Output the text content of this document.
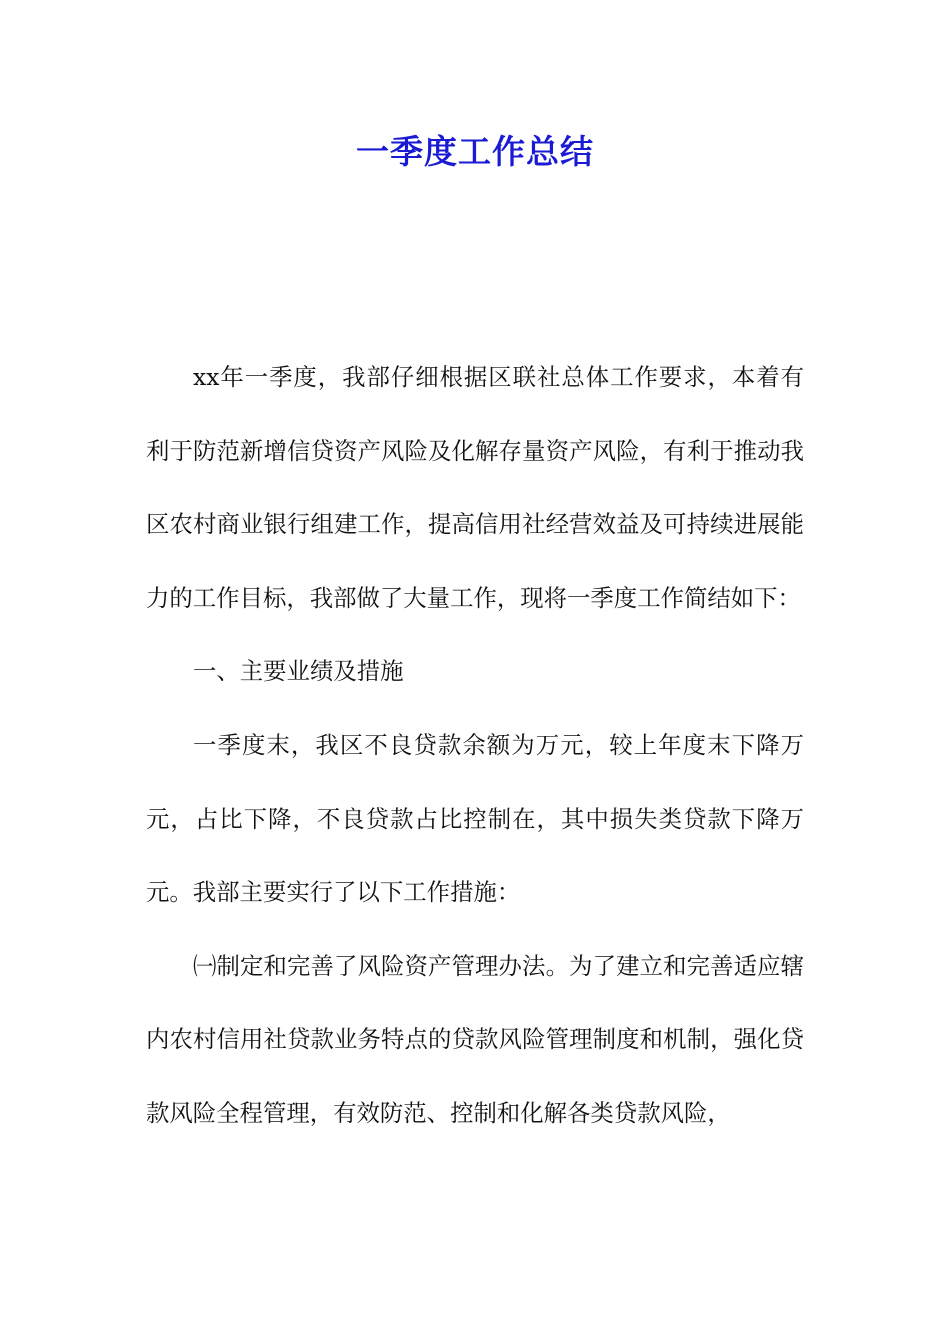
一季度工作总结

xx年一季度，我部仔细根据区联社总体工作要求，本着有利于防范新增信贷资产风险及化解存量资产风险，有利于推动我区农村商业银行组建工作，提高信用社经营效益及可持续进展能力的工作目标，我部做了大量工作，现将一季度工作简结如下：

一、主要业绩及措施

一季度末，我区不良贷款余额为万元，较上年度末下降万元，占比下降，不良贷款占比控制在，其中损失类贷款下降万元。我部主要实行了以下工作措施：

㈠制定和完善了风险资产管理办法。为了建立和完善适应辖内农村信用社贷款业务特点的贷款风险管理制度和机制，强化贷款风险全程管理，有效防范、控制和化解各类贷款风险，
